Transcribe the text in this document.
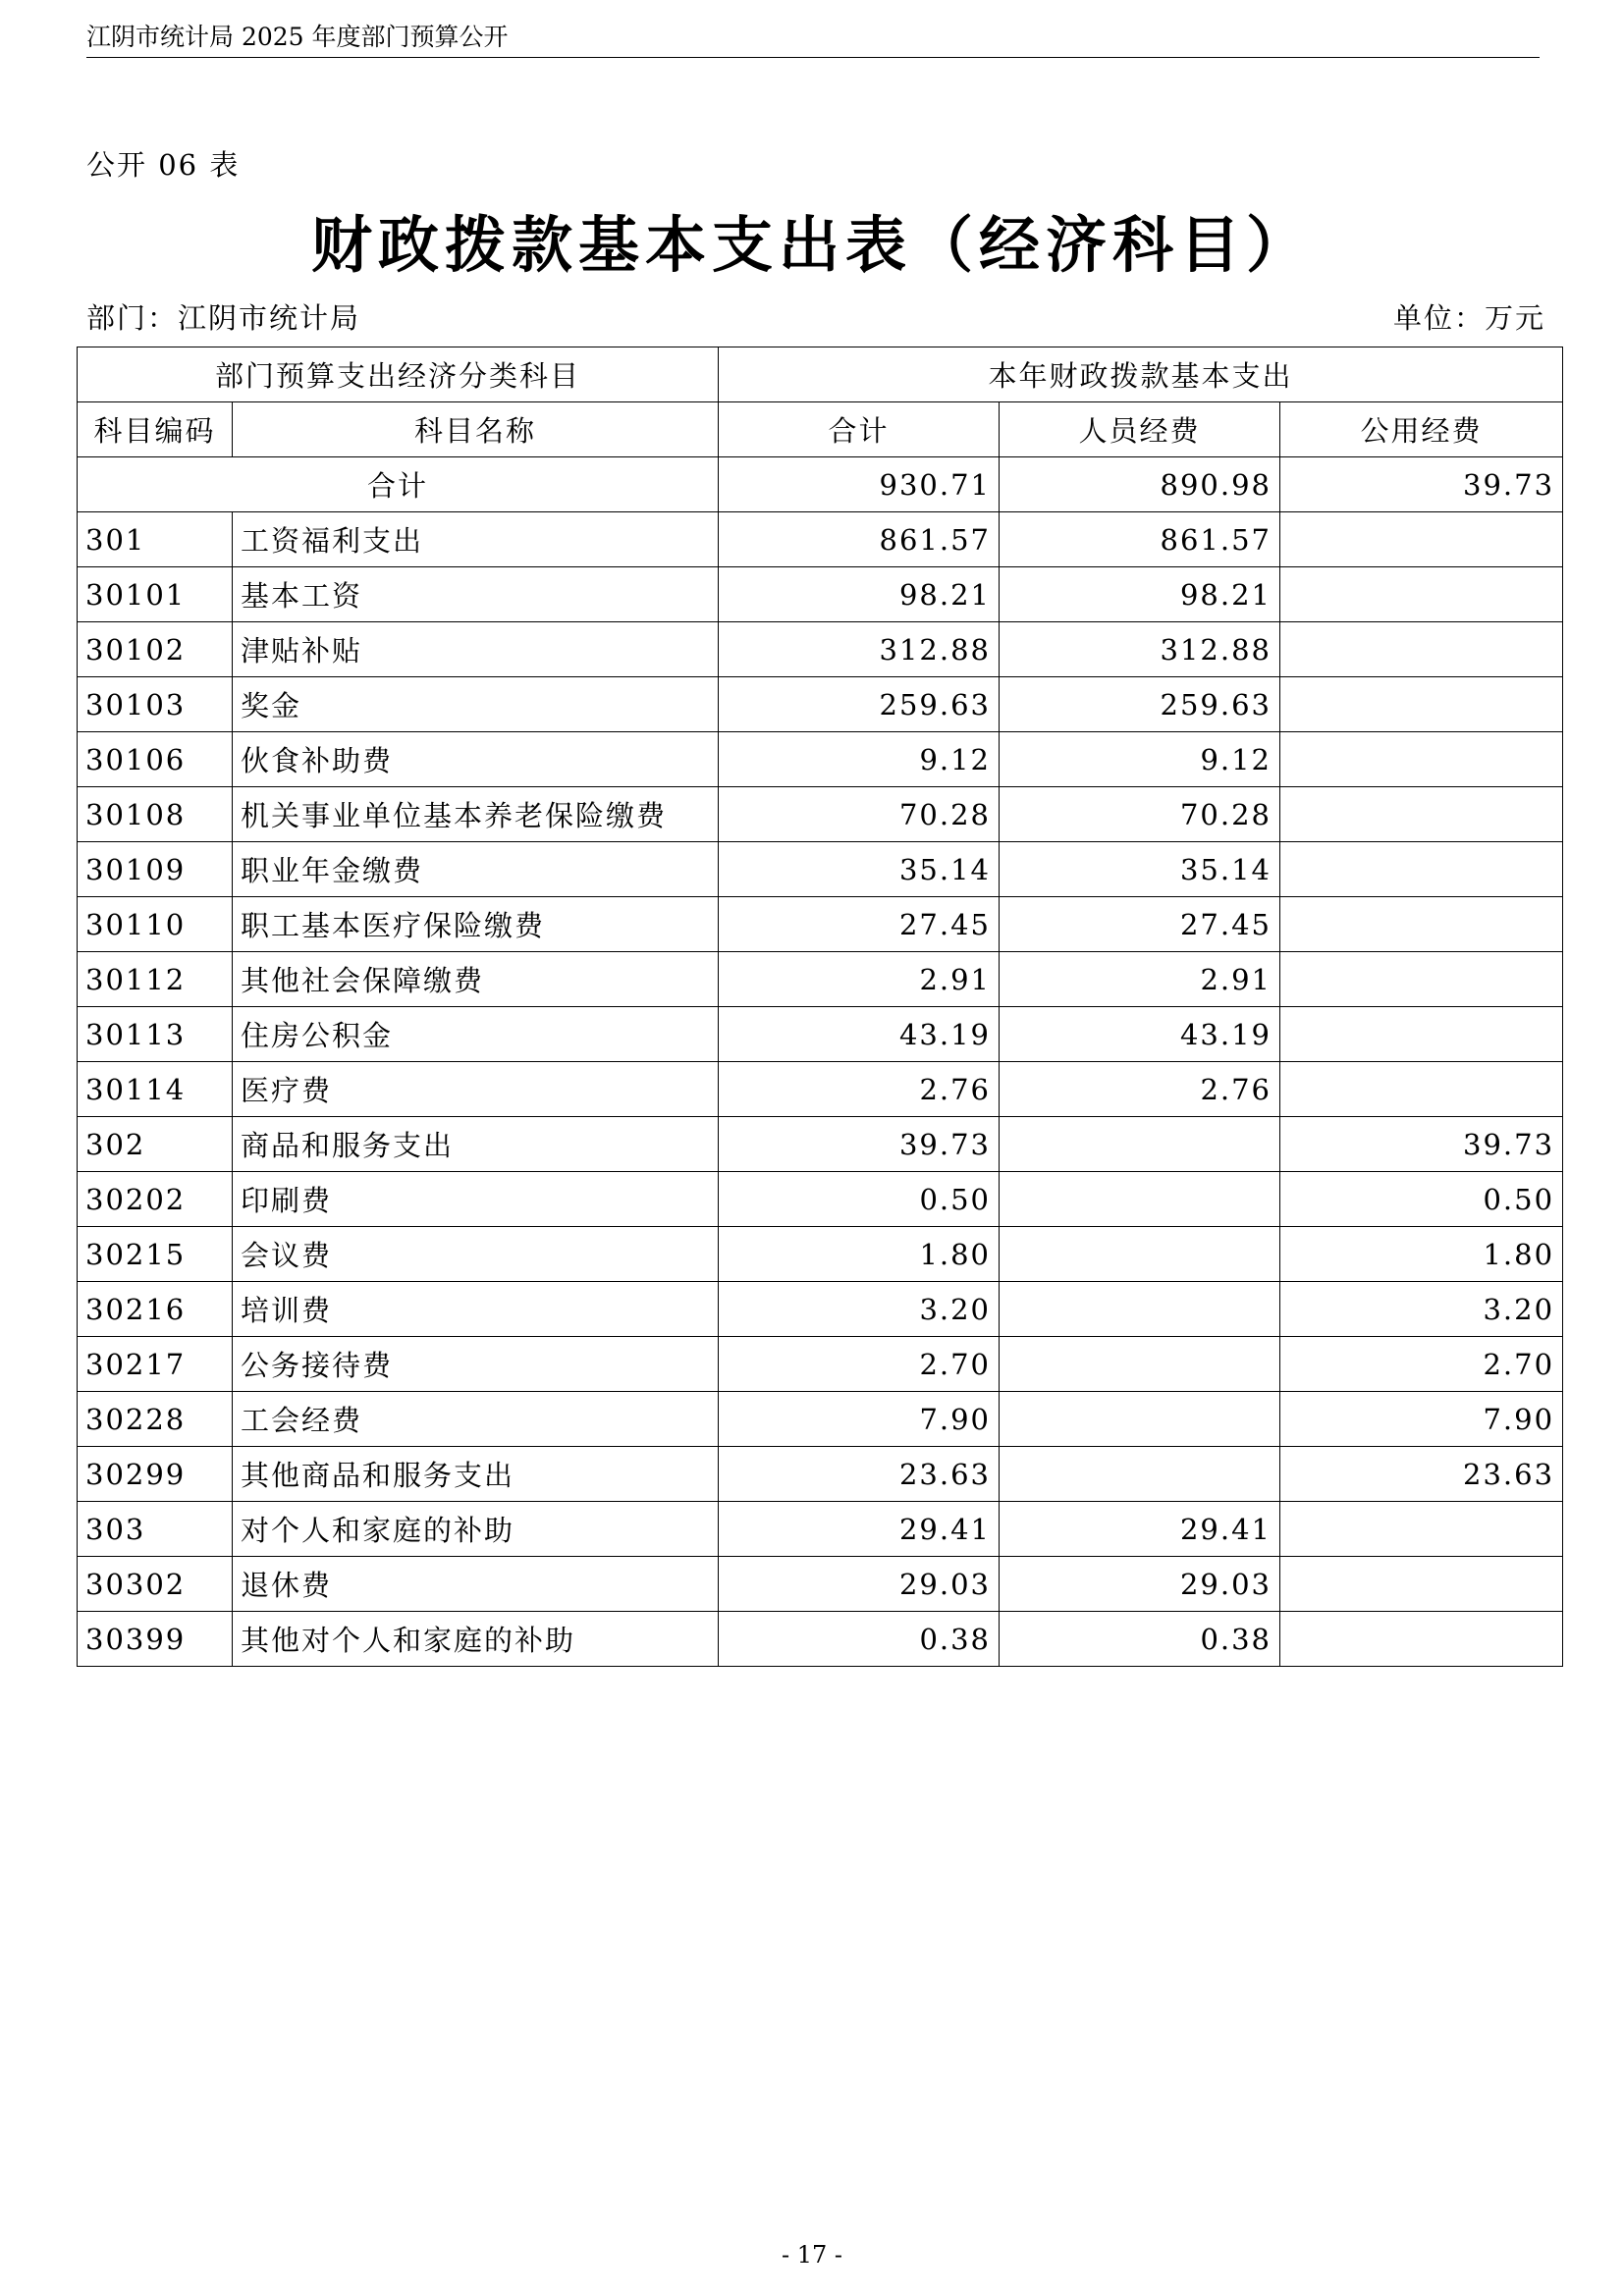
江阴市统计局 2025 年度部门预算公开
公开 06 表
财政拨款基本支出表（经济科目）
部门：江阴市统计局	单位：万元
部门预算支出经济分类科目		本年财政拨款基本支出		
科目编码	科目名称	合计	人员经费	公用经费
合计		930.71	890.98	39.73
301	工资福利支出	861.57	861.57	
30101	基本工资	98.21	98.21	
30102	津贴补贴	312.88	312.88	
30103	奖金	259.63	259.63	
30106	伙食补助费	9.12	9.12	
30108	机关事业单位基本养老保险缴费	70.28	70.28	
30109	职业年金缴费	35.14	35.14	
30110	职工基本医疗保险缴费	27.45	27.45	
30112	其他社会保障缴费	2.91	2.91	
30113	住房公积金	43.19	43.19	
30114	医疗费	2.76	2.76	
302	商品和服务支出	39.73		39.73
30202	印刷费	0.50		0.50
30215	会议费	1.80		1.80
30216	培训费	3.20		3.20
30217	公务接待费	2.70		2.70
30228	工会经费	7.90		7.90
30299	其他商品和服务支出	23.63		23.63
303	对个人和家庭的补助	29.41	29.41	
30302	退休费	29.03	29.03	
30399	其他对个人和家庭的补助	0.38	0.38	
- 17 -
